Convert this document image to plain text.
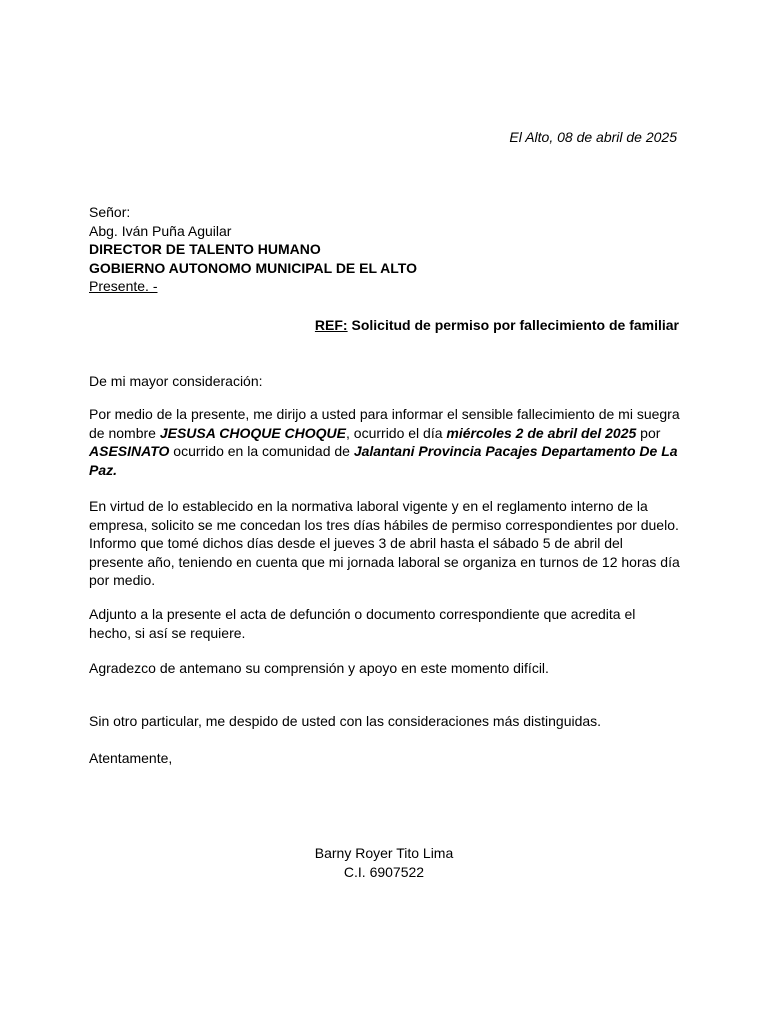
El Alto, 08 de abril de 2025
Señor:
Abg. Iván Puña Aguilar
DIRECTOR DE TALENTO HUMANO
GOBIERNO AUTONOMO MUNICIPAL DE EL ALTO
Presente. -
REF: Solicitud de permiso por fallecimiento de familiar
De mi mayor consideración:
Por medio de la presente, me dirijo a usted para informar el sensible fallecimiento de mi suegra de nombre JESUSA CHOQUE CHOQUE, ocurrido el día miércoles 2 de abril del 2025 por ASESINATO ocurrido en la comunidad de Jalantani Provincia Pacajes Departamento De La Paz.
En virtud de lo establecido en la normativa laboral vigente y en el reglamento interno de la empresa, solicito se me concedan los tres días hábiles de permiso correspondientes por duelo. Informo que tomé dichos días desde el jueves 3 de abril hasta el sábado 5 de abril del presente año, teniendo en cuenta que mi jornada laboral se organiza en turnos de 12 horas día por medio.
Adjunto a la presente el acta de defunción o documento correspondiente que acredita el hecho, si así se requiere.
Agradezco de antemano su comprensión y apoyo en este momento difícil.
Sin otro particular, me despido de usted con las consideraciones más distinguidas.
Atentamente,
Barny Royer Tito Lima
C.I. 6907522
